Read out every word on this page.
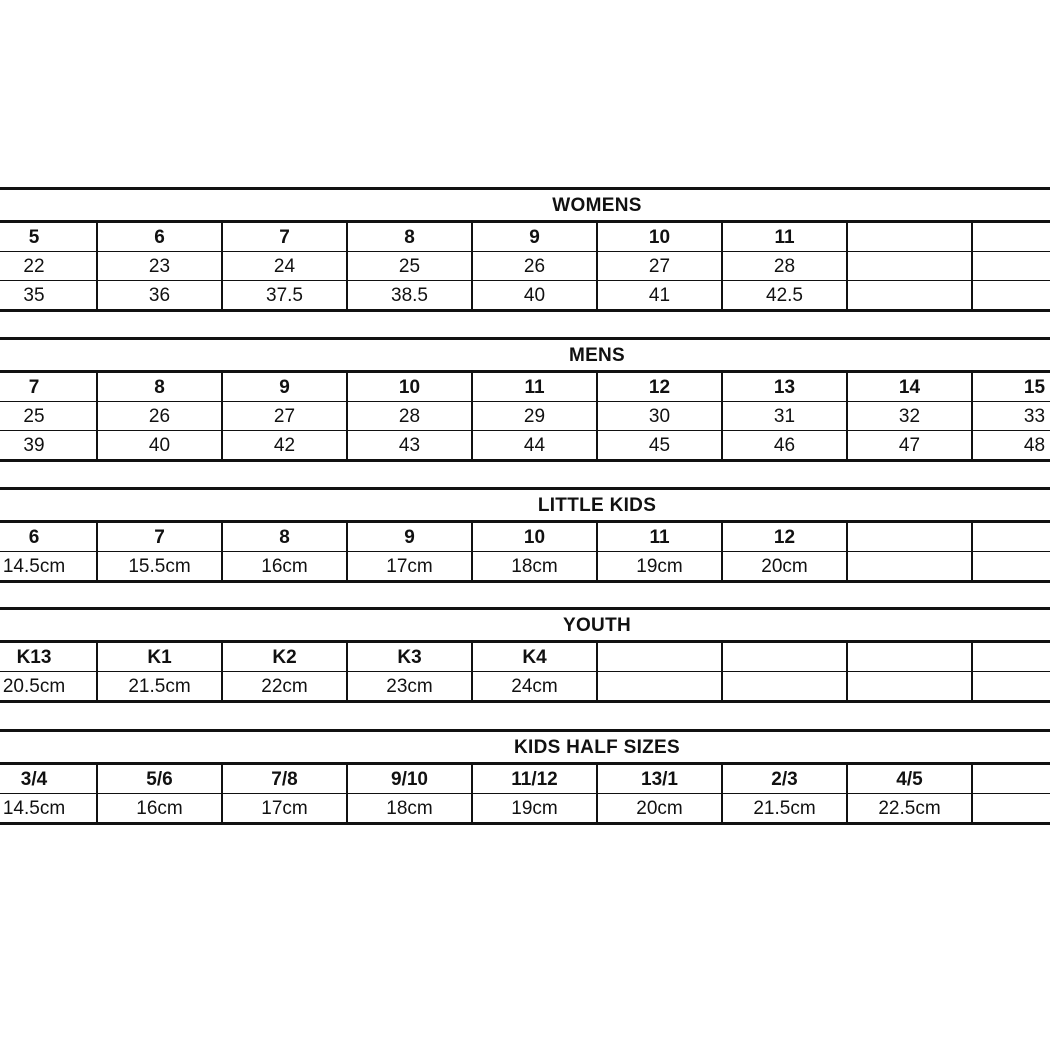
WOMENS									
5	6	7	8	9	10	11			
22	23	24	25	26	27	28			
35	36	37.5	38.5	40	41	42.5			
MENS									
7	8	9	10	11	12	13	14	15	
25	26	27	28	29	30	31	32	33	
39	40	42	43	44	45	46	47	48	
LITTLE KIDS									
6	7	8	9	10	11	12			
14.5cm	15.5cm	16cm	17cm	18cm	19cm	20cm			
YOUTH									
K13	K1	K2	K3	K4					
20.5cm	21.5cm	22cm	23cm	24cm					
KIDS HALF SIZES									
3/4	5/6	7/8	9/10	11/12	13/1	2/3	4/5		
14.5cm	16cm	17cm	18cm	19cm	20cm	21.5cm	22.5cm		
